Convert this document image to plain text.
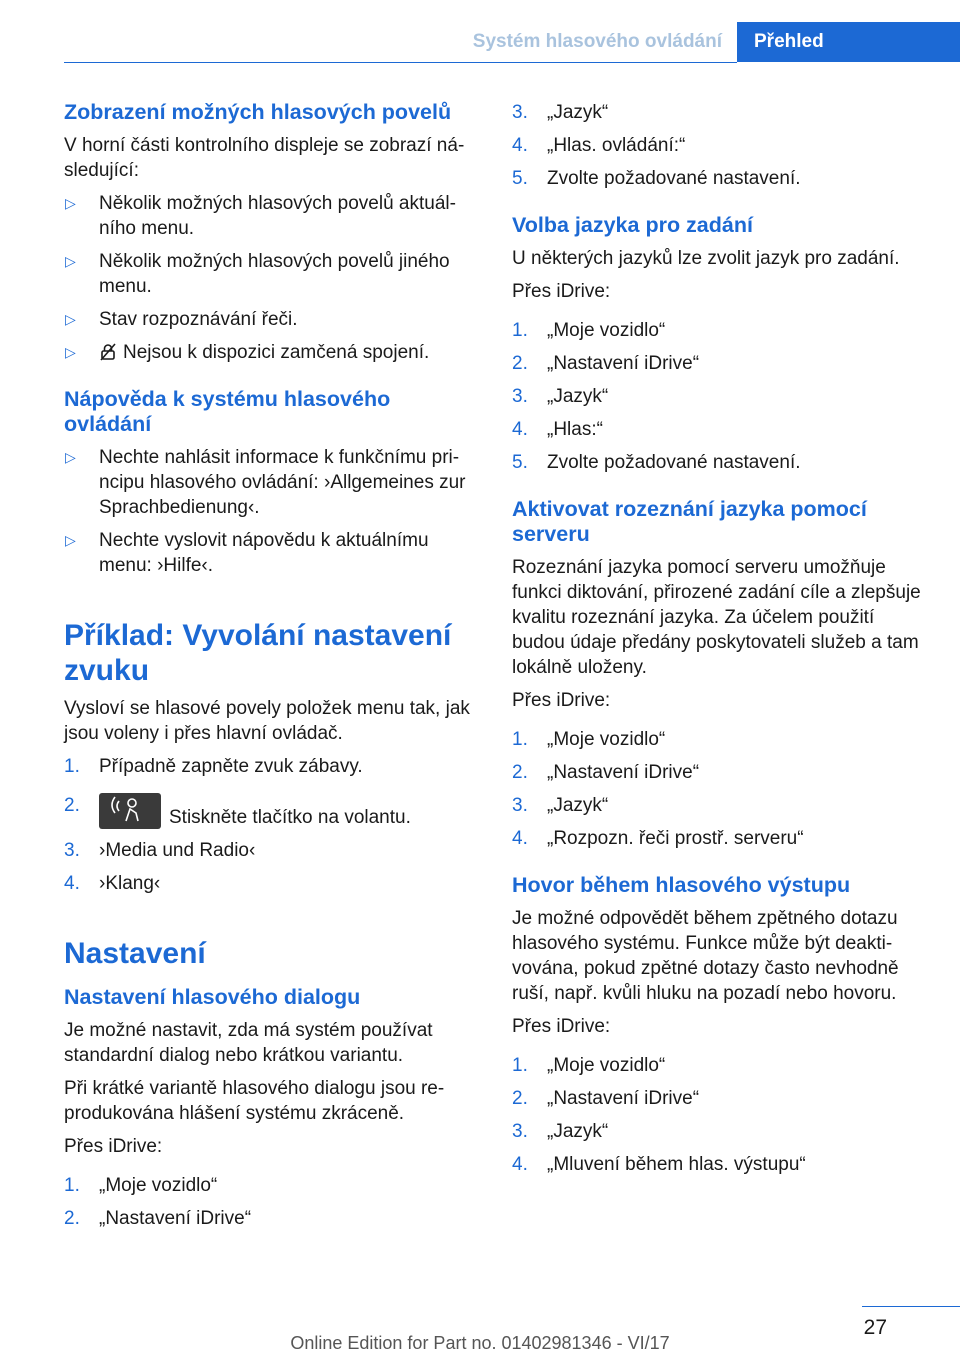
Systém hlasového ovládání	Přehled
Zobrazení možných hlasových povelů

V horní části kontrolního displeje se zobrazí následující:

▷ Několik možných hlasových povelů aktuálního menu.
▷ Několik možných hlasových povelů jiného menu.
▷ Stav rozpoznávání řeči.
▷ Nejsou k dispozici zamčená spojení.
Nápověda k systému hlasového ovládání
▷ Nechte nahlásit informace k funkčnímu principu hlasového ovládání: ›Allgemeines zur Sprachbedienung‹.
▷ Nechte vyslovit nápovědu k aktuálnímu menu: ›Hilfe‹.
Příklad: Vyvolání nastavení zvuku

Vysloví se hlasové povely položek menu tak, jak jsou voleny i přes hlavní ovládač.

1. Případně zapněte zvuk zábavy.
2.
Stiskněte tlačítko na volantu.
3. ›Media und Radio‹
4. ›Klang‹
Nastavení
Nastavení hlasového dialogu

Je možné nastavit, zda má systém používat standardní dialog nebo krátkou variantu.

Při krátké variantě hlasového dialogu jsou reprodukována hlášení systému zkráceně.

Přes iDrive:

1. „Moje vozidlo“
2. „Nastavení iDrive“
3. „Jazyk“
4. „Hlas. ovládání:“
5. Zvolte požadované nastavení.
Volba jazyka pro zadání

U některých jazyků lze zvolit jazyk pro zadání.

Přes iDrive:

1. „Moje vozidlo“
2. „Nastavení iDrive“
3. „Jazyk“
4. „Hlas:“
5. Zvolte požadované nastavení.
Aktivovat rozeznání jazyka pomocí serveru

Rozeznání jazyka pomocí serveru umožňuje funkci diktování, přirozené zadání cíle a zlepšuje kvalitu rozeznání jazyka. Za účelem použití budou údaje předány poskytovateli služeb a tam lokálně uloženy.

Přes iDrive:

1. „Moje vozidlo“
2. „Nastavení iDrive“
3. „Jazyk“
4. „Rozpozn. řeči prostř. serveru“
Hovor během hlasového výstupu

Je možné odpovědět během zpětného dotazu hlasového systému. Funkce může být deaktivována, pokud zpětné dotazy často nevhodně ruší, např. kvůli hluku na pozadí nebo hovoru.

Přes iDrive:

1. „Moje vozidlo“
2. „Nastavení iDrive“
3. „Jazyk“
4. „Mluvení během hlas. výstupu“
27
Online Edition for Part no. 01402981346 - VI/17
